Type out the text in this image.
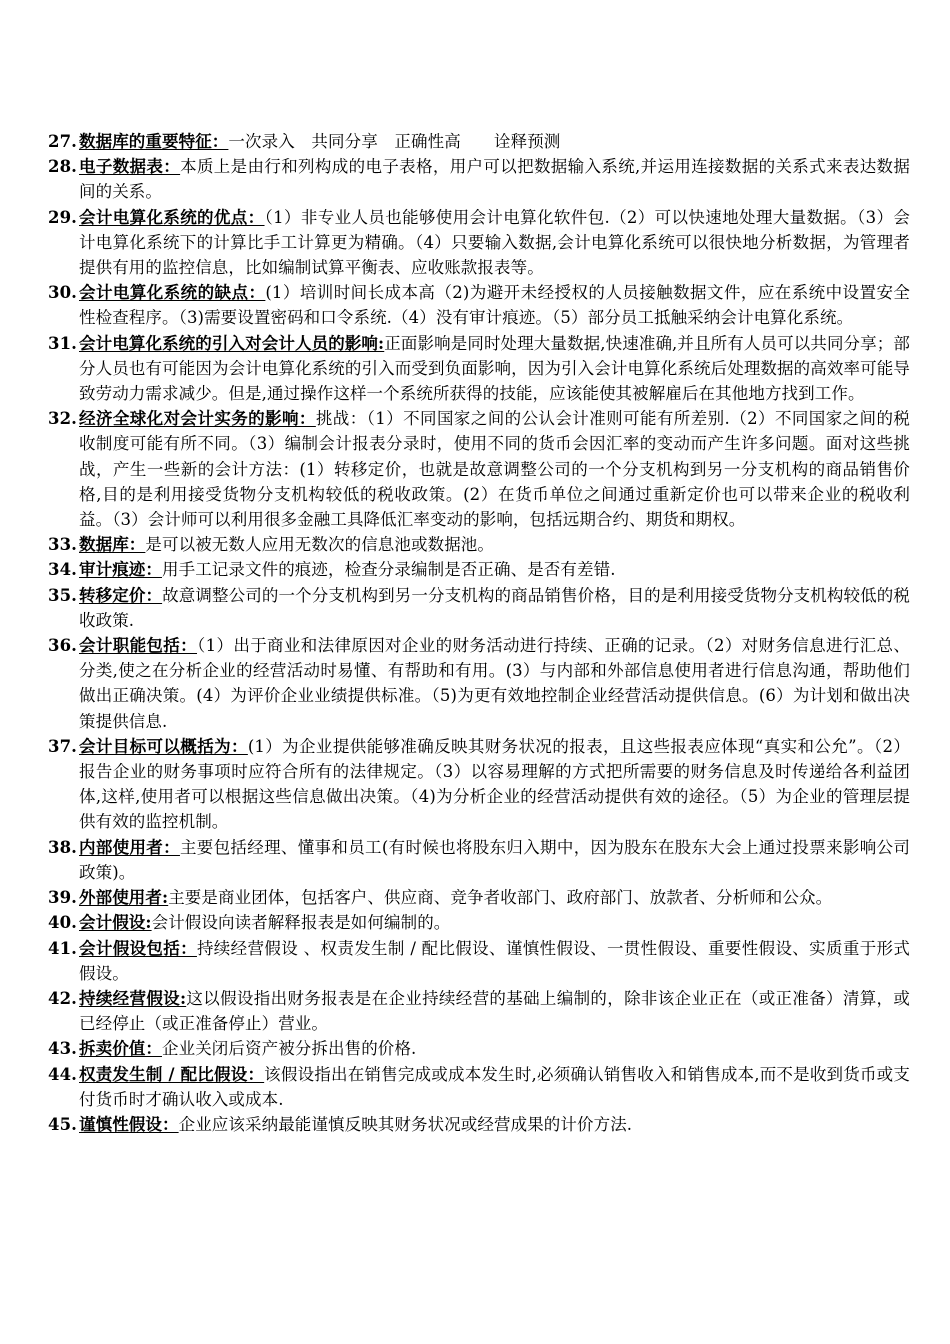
27. 数据库的重要特征：一次录入　共同分享　正确性高　　诠释预测
28. 电子数据表：本质上是由行和列构成的电子表格，用户可以把数据输入系统,并运用连接数据的关系式来表达数据间的关系。
29. 会计电算化系统的优点：（1）非专业人员也能够使用会计电算化软件包.（2）可以快速地处理大量数据。（3）会计电算化系统下的计算比手工计算更为精确。（4）只要输入数据,会计电算化系统可以很快地分析数据，为管理者提供有用的监控信息，比如编制试算平衡表、应收账款报表等。
30. 会计电算化系统的缺点：(1）培训时间长成本高（2)为避开未经授权的人员接触数据文件，应在系统中设置安全性检查程序。（3)需要设置密码和口令系统.（4）没有审计痕迹。（5）部分员工抵触采纳会计电算化系统。
31. 会计电算化系统的引入对会计人员的影响:正面影响是同时处理大量数据,快速准确,并且所有人员可以共同分享；部分人员也有可能因为会计电算化系统的引入而受到负面影响，因为引入会计电算化系统后处理数据的高效率可能导致劳动力需求减少。但是,通过操作这样一个系统所获得的技能，应该能使其被解雇后在其他地方找到工作。
32. 经济全球化对会计实务的影响：挑战：（1）不同国家之间的公认会计准则可能有所差别.（2）不同国家之间的税收制度可能有所不同。（3）编制会计报表分录时，使用不同的货币会因汇率的变动而产生许多问题。面对这些挑战，产生一些新的会计方法：(1）转移定价，也就是故意调整公司的一个分支机构到另一分支机构的商品销售价格,目的是利用接受货物分支机构较低的税收政策。(2）在货币单位之间通过重新定价也可以带来企业的税收利益。（3）会计师可以利用很多金融工具降低汇率变动的影响，包括远期合约、期货和期权。
33. 数据库：是可以被无数人应用无数次的信息池或数据池。
34. 审计痕迹：用手工记录文件的痕迹，检查分录编制是否正确、是否有差错.
35. 转移定价：故意调整公司的一个分支机构到另一分支机构的商品销售价格，目的是利用接受货物分支机构较低的税收政策.
36. 会计职能包括：（1）出于商业和法律原因对企业的财务活动进行持续、正确的记录。（2）对财务信息进行汇总、分类,使之在分析企业的经营活动时易懂、有帮助和有用。(3）与内部和外部信息使用者进行信息沟通，帮助他们做出正确决策。(4）为评价企业业绩提供标准。（5)为更有效地控制企业经营活动提供信息。(6）为计划和做出决策提供信息.
37. 会计目标可以概括为：(1）为企业提供能够准确反映其财务状况的报表，且这些报表应体现“真实和公允”。（2）报告企业的财务事项时应符合所有的法律规定。（3）以容易理解的方式把所需要的财务信息及时传递给各利益团体,这样,使用者可以根据这些信息做出决策。（4)为分析企业的经营活动提供有效的途径。（5）为企业的管理层提供有效的监控机制。
38. 内部使用者：主要包括经理、懂事和员工(有时候也将股东归入期中，因为股东在股东大会上通过投票来影响公司政策)。
39. 外部使用者:主要是商业团体，包括客户、供应商、竞争者收部门、政府部门、放款者、分析师和公众。
40. 会计假设:会计假设向读者解释报表是如何编制的。
41. 会计假设包括：持续经营假设 、权责发生制 / 配比假设、谨慎性假设、一贯性假设、重要性假设、实质重于形式假设。
42. 持续经营假设:这以假设指出财务报表是在企业持续经营的基础上编制的，除非该企业正在（或正准备）清算，或已经停止（或正准备停止）营业。
43. 拆卖价值：企业关闭后资产被分拆出售的价格.
44. 权责发生制 / 配比假设：该假设指出在销售完成或成本发生时,必须确认销售收入和销售成本,而不是收到货币或支付货币时才确认收入或成本.
45. 谨慎性假设：企业应该采纳最能谨慎反映其财务状况或经营成果的计价方法.
